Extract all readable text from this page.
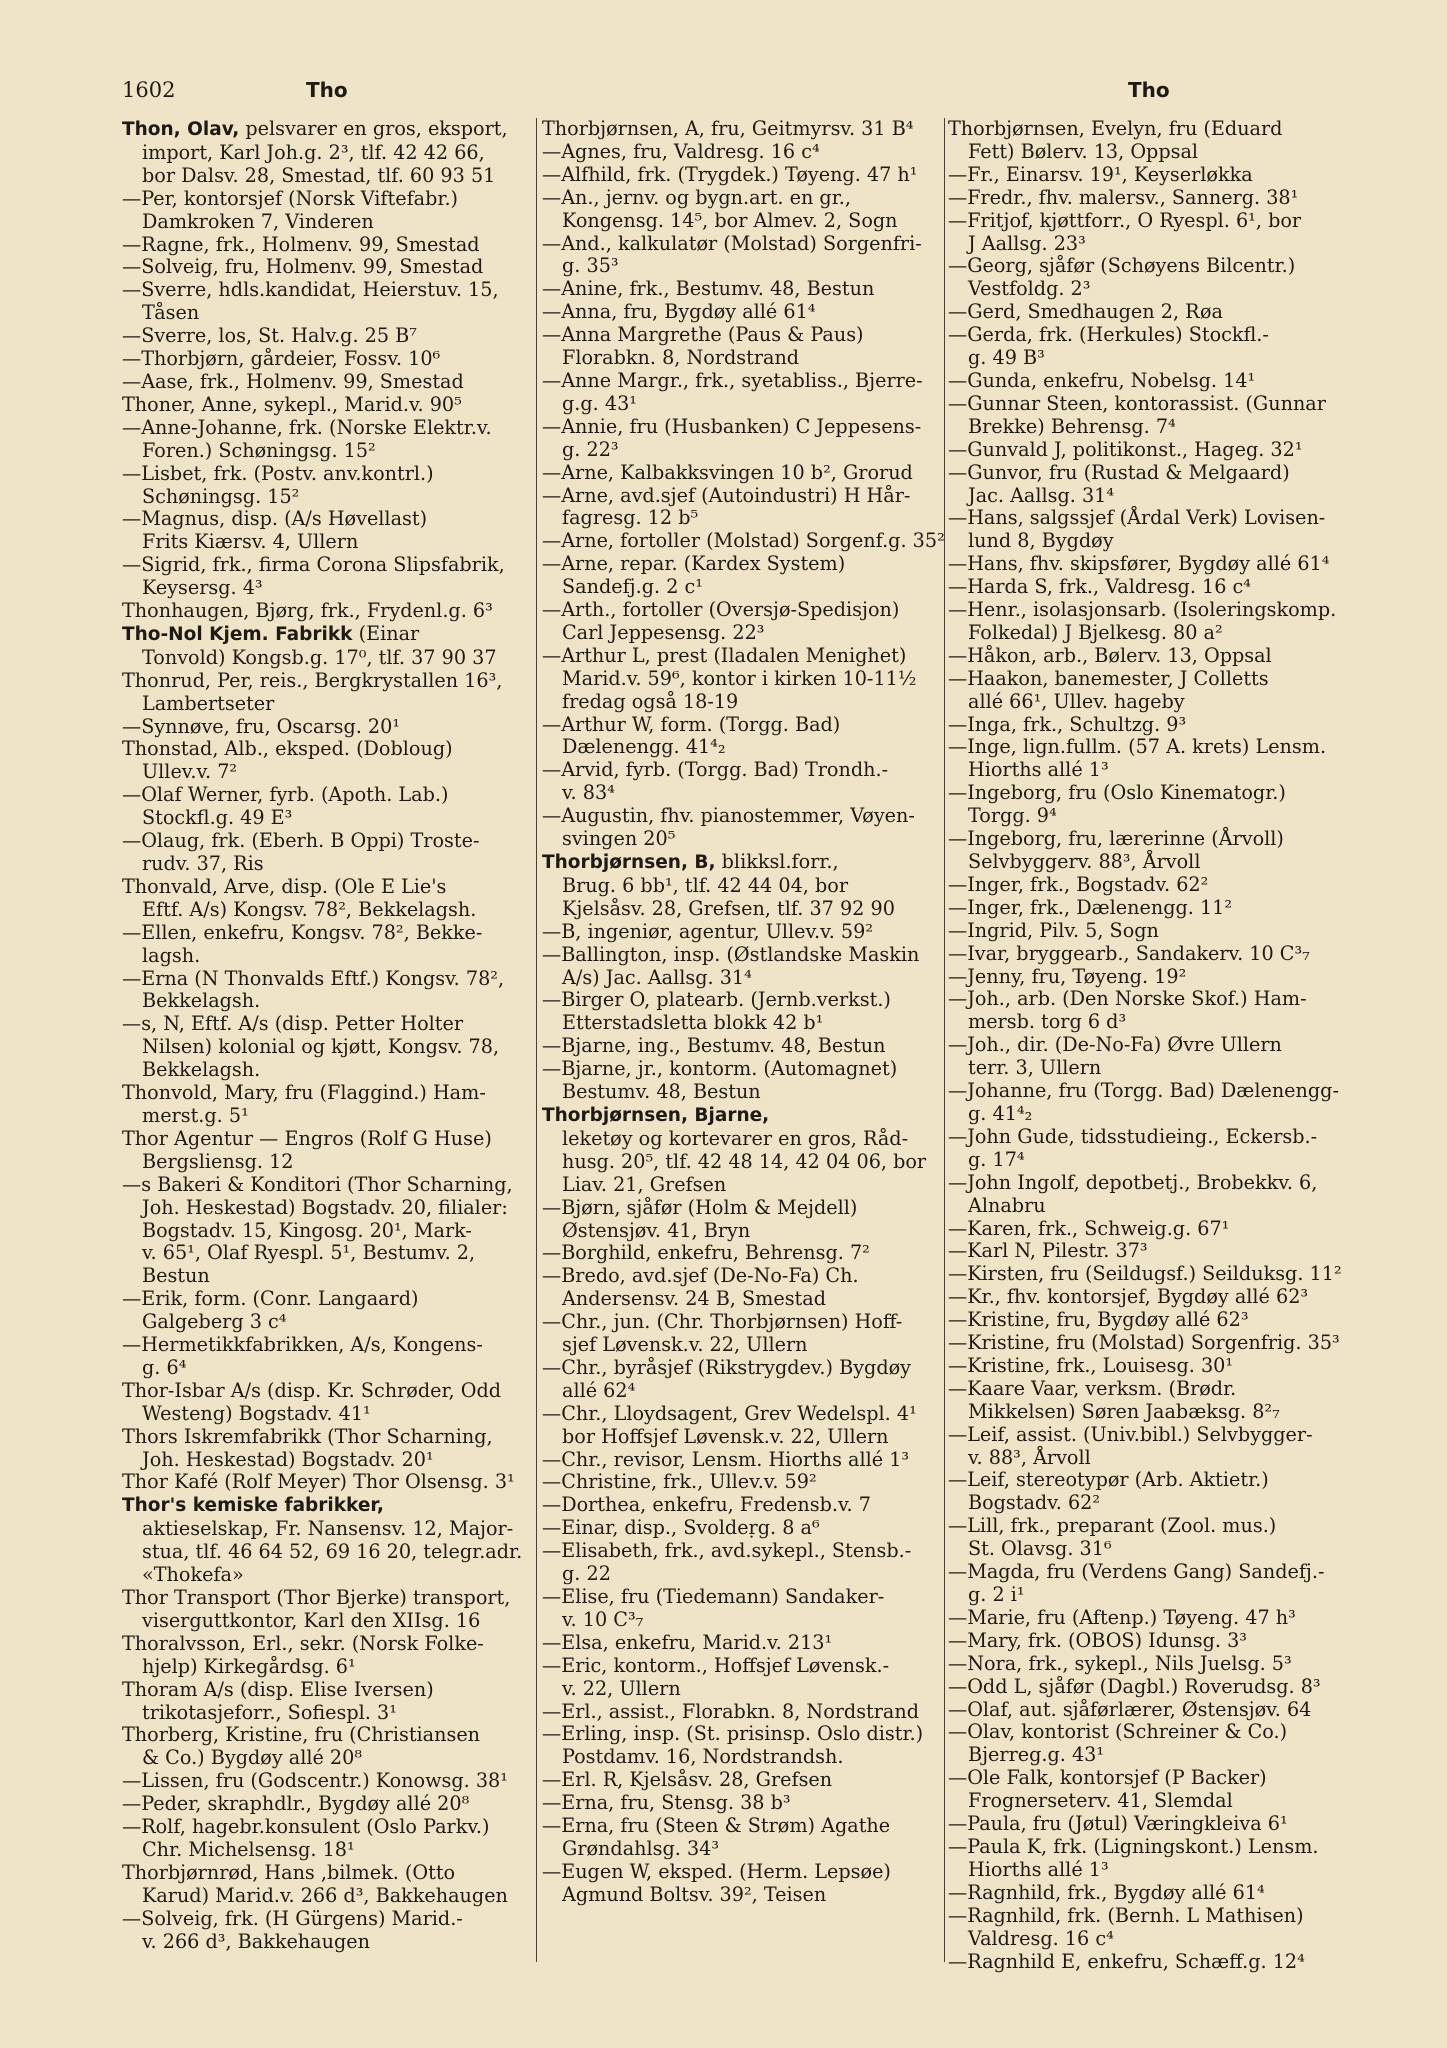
1602	Tho	Tho
Thon, Olav, pelsvarer en gros, eksport,
import, Karl Joh.g. 2³, tlf. 42 42 66,
bor Dalsv. 28, Smestad, tlf. 60 93 51
—Per, kontorsjef (Norsk Viftefabr.)
Damkroken 7, Vinderen
—Ragne, frk., Holmenv. 99, Smestad
—Solveig, fru, Holmenv. 99, Smestad
—Sverre, hdls.kandidat, Heierstuv. 15,
Tåsen
—Sverre, los, St. Halv.g. 25 B⁷
—Thorbjørn, gårdeier, Fossv. 10⁶
—Aase, frk., Holmenv. 99, Smestad
Thoner, Anne, sykepl., Marid.v. 90⁵
—Anne-Johanne, frk. (Norske Elektr.v.
Foren.) Schøningsg. 15²
—Lisbet, frk. (Postv. anv.kontrl.)
Schøningsg. 15²
—Magnus, disp. (A/s Høvellast)
Frits Kiærsv. 4, Ullern
—Sigrid, frk., firma Corona Slipsfabrik,
Keysersg. 4³
Thonhaugen, Bjørg, frk., Frydenl.g. 6³
Tho-Nol Kjem. Fabrikk (Einar
Tonvold) Kongsb.g. 17⁰, tlf. 37 90 37
Thonrud, Per, reis., Bergkrystallen 16³,
Lambertseter
—Synnøve, fru, Oscarsg. 20¹
Thonstad, Alb., eksped. (Dobloug)
Ullev.v. 7²
—Olaf Werner, fyrb. (Apoth. Lab.)
Stockfl.g. 49 E³
—Olaug, frk. (Eberh. B Oppi) Troste-
rudv. 37, Ris
Thonvald, Arve, disp. (Ole E Lie's
Eftf. A/s) Kongsv. 78², Bekkelagsh.
—Ellen, enkefru, Kongsv. 78², Bekke-
lagsh.
—Erna (N Thonvalds Eftf.) Kongsv. 78²,
Bekkelagsh.
—s, N, Eftf. A/s (disp. Petter Holter
Nilsen) kolonial og kjøtt, Kongsv. 78,
Bekkelagsh.
Thonvold, Mary, fru (Flaggind.) Ham-
merst.g. 5¹
Thor Agentur — Engros (Rolf G Huse)
Bergsliensg. 12
—s Bakeri & Konditori (Thor Scharning,
Joh. Heskestad) Bogstadv. 20, filialer:
Bogstadv. 15, Kingosg. 20¹, Mark-
v. 65¹, Olaf Ryespl. 5¹, Bestumv. 2,
Bestun
—Erik, form. (Conr. Langaard)
Galgeberg 3 c⁴
—Hermetikkfabrikken, A/s, Kongens-
g. 6⁴
Thor-Isbar A/s (disp. Kr. Schrøder, Odd
Westeng) Bogstadv. 41¹
Thors Iskremfabrikk (Thor Scharning,
Joh. Heskestad) Bogstadv. 20¹
Thor Kafé (Rolf Meyer) Thor Olsensg. 3¹
Thor's kemiske fabrikker,
aktieselskap, Fr. Nansensv. 12, Major-
stua, tlf. 46 64 52, 69 16 20, telegr.adr.
«Thokefa»
Thor Transport (Thor Bjerke) transport,
viserguttkontor, Karl den XIIsg. 16
Thoralvsson, Erl., sekr. (Norsk Folke-
hjelp) Kirkegårdsg. 6¹
Thoram A/s (disp. Elise Iversen)
trikotasjeforr., Sofiespl. 3¹
Thorberg, Kristine, fru (Christiansen
& Co.) Bygdøy allé 20⁸
—Lissen, fru (Godscentr.) Konowsg. 38¹
—Peder, skraphdlr., Bygdøy allé 20⁸
—Rolf, hagebr.konsulent (Oslo Parkv.)
Chr. Michelsensg. 18¹
Thorbjørnrød, Hans ,bilmek. (Otto
Karud) Marid.v. 266 d³, Bakkehaugen
—Solveig, frk. (H Gürgens) Marid.-
v. 266 d³, Bakkehaugen
Thorbjørnsen, A, fru, Geitmyrsv. 31 B⁴
—Agnes, fru, Valdresg. 16 c⁴
—Alfhild, frk. (Trygdek.) Tøyeng. 47 h¹
—An., jernv. og bygn.art. en gr.,
Kongensg. 14⁵, bor Almev. 2, Sogn
—And., kalkulatør (Molstad) Sorgenfri-
g. 35³
—Anine, frk., Bestumv. 48, Bestun
—Anna, fru, Bygdøy allé 61⁴
—Anna Margrethe (Paus & Paus)
Florabkn. 8, Nordstrand
—Anne Margr., frk., syetabliss., Bjerre-
g.g. 43¹
—Annie, fru (Husbanken) C Jeppesens-
g. 22³
—Arne, Kalbakksvingen 10 b², Grorud
—Arne, avd.sjef (Autoindustri) H Hår-
fagresg. 12 b⁵
—Arne, fortoller (Molstad) Sorgenf.g. 35²
—Arne, repar. (Kardex System)
Sandefj.g. 2 c¹
—Arth., fortoller (Oversjø-Spedisjon)
Carl Jeppesensg. 22³
—Arthur L, prest (Iladalen Menighet)
Marid.v. 59⁶, kontor i kirken 10-11½
fredag også 18-19
—Arthur W, form. (Torgg. Bad)
Dælenengg. 41⁴₂
—Arvid, fyrb. (Torgg. Bad) Trondh.-
v. 83⁴
—Augustin, fhv. pianostemmer, Vøyen-
svingen 20⁵
Thorbjørnsen, B, blikksl.forr.,
Brug. 6 bb¹, tlf. 42 44 04, bor
Kjelsåsv. 28, Grefsen, tlf. 37 92 90
—B, ingeniør, agentur, Ullev.v. 59²
—Ballington, insp. (Østlandske Maskin
A/s) Jac. Aallsg. 31⁴
—Birger O, platearb. (Jernb.verkst.)
Etterstadsletta blokk 42 b¹
—Bjarne, ing., Bestumv. 48, Bestun
—Bjarne, jr., kontorm. (Automagnet)
Bestumv. 48, Bestun
Thorbjørnsen, Bjarne,
leketøy og kortevarer en gros, Råd-
husg. 20⁵, tlf. 42 48 14, 42 04 06, bor
Liav. 21, Grefsen
—Bjørn, sjåfør (Holm & Mejdell)
Østensjøv. 41, Bryn
—Borghild, enkefru, Behrensg. 7²
—Bredo, avd.sjef (De-No-Fa) Ch.
Andersensv. 24 B, Smestad
—Chr., jun. (Chr. Thorbjørnsen) Hoff-
sjef Løvensk.v. 22, Ullern
—Chr., byråsjef (Rikstrygdev.) Bygdøy
allé 62⁴
—Chr., Lloydsagent, Grev Wedelspl. 4¹
bor Hoffsjef Løvensk.v. 22, Ullern
—Chr., revisor, Lensm. Hiorths allé 1³
—Christine, frk., Ullev.v. 59²
—Dorthea, enkefru, Fredensb.v. 7
—Einar, disp., Svoldeṛg. 8 a⁶
—Elisabeth, frk., avd.sykepl., Stensb.-
g. 22
—Elise, fru (Tiedemann) Sandaker-
v. 10 C³₇
—Elsa, enkefru, Marid.v. 213¹
—Eric, kontorm., Hoffsjef Løvensk.-
v. 22, Ullern
—Erl., assist., Florabkn. 8, Nordstrand
—Erling, insp. (St. prisinsp. Oslo distr.)
Postdamv. 16, Nordstrandsh.
—Erl. R, Kjelsåsv. 28, Grefsen
—Erna, fru, Stensg. 38 b³
—Erna, fru (Steen & Strøm) Agathe
Grøndahlsg. 34³
—Eugen W, eksped. (Herm. Lepsøe)
Agmund Boltsv. 39², Teisen
Thorbjørnsen, Evelyn, fru (Eduard
Fett) Bølerv. 13, Oppsal
—Fr., Einarsv. 19¹, Keyserløkka
—Fredr., fhv. malersv., Sannerg. 38¹
—Fritjof, kjøttforr., O Ryespl. 6¹, bor
J Aallsg. 23³
—Georg, sjåfør (Schøyens Bilcentr.)
Vestfoldg. 2³
—Gerd, Smedhaugen 2, Røa
—Gerda, frk. (Herkules) Stockfl.-
g. 49 B³
—Gunda, enkefru, Nobelsg. 14¹
—Gunnar Steen, kontorassist. (Gunnar
Brekke) Behrensg. 7⁴
—Gunvald J, politikonst., Hageg. 32¹
—Gunvor, fru (Rustad & Melgaard)
Jac. Aallsg. 31⁴
—Hans, salgssjef (Årdal Verk) Lovisen-
lund 8, Bygdøy
—Hans, fhv. skipsfører, Bygdøy allé 61⁴
—Harda S, frk., Valdresg. 16 c⁴
—Henr., isolasjonsarb. (Isoleringskomp.
Folkedal) J Bjelkesg. 80 a²
—Håkon, arb., Bølerv. 13, Oppsal
—Haakon, banemester, J Colletts
allé 66¹, Ullev. hageby
—Inga, frk., Schultzg. 9³
—Inge, lign.fullm. (57 A. krets) Lensm.
Hiorths allé 1³
—Ingeborg, fru (Oslo Kinematogr.)
Torgg. 9⁴
—Ingeborg, fru, lærerinne (Årvoll)
Selvbyggerv. 88³, Årvoll
—Inger, frk., Bogstadv. 62²
—Inger, frk., Dælenengg. 11²
—Ingrid, Pilv. 5, Sogn
—Ivar, bryggearb., Sandakerv. 10 C³₇
—Jenny, fru, Tøyeng. 19²
—Joh., arb. (Den Norske Skof.) Ham-
mersb. torg 6 d³
—Joh., dir. (De-No-Fa) Øvre Ullern
terr. 3, Ullern
—Johanne, fru (Torgg. Bad) Dælenengg-
g. 41⁴₂
—John Gude, tidsstudieing., Eckersb.-
g. 17⁴
—John Ingolf, depotbetj., Brobekkv. 6,
Alnabru
—Karen, frk., Schweig.g. 67¹
—Karl N, Pilestr. 37³
—Kirsten, fru (Seildugsf.) Seilduksg. 11²
—Kr., fhv. kontorsjef, Bygdøy allé 62³
—Kristine, fru, Bygdøy allé 62³
—Kristine, fru (Molstad) Sorgenfrig. 35³
—Kristine, frk., Louisesg. 30¹
—Kaare Vaar, verksm. (Brødr.
Mikkelsen) Søren Jaabæksg. 8²₇
—Leif, assist. (Univ.bibl.) Selvbygger-
v. 88³, Årvoll
—Leif, stereotypør (Arb. Aktietr.)
Bogstadv. 62²
—Lill, frk., preparant (Zool. mus.)
St. Olavsg. 31⁶
—Magda, fru (Verdens Gang) Sandefj.-
g. 2 i¹
—Marie, fru (Aftenp.) Tøyeng. 47 h³
—Mary, frk. (OBOS) Idunsg. 3³
—Nora, frk., sykepl., Nils Juelsg. 5³
—Odd L, sjåfør (Dagbl.) Roverudsg. 8³
—Olaf, aut. sjåførlærer, Østensjøv. 64
—Olav, kontorist (Schreiner & Co.)
Bjerreg.g. 43¹
—Ole Falk, kontorsjef (P Backer)
Frognerseterv. 41, Slemdal
—Paula, fru (Jøtul) Væringkleiva 6¹
—Paula K, frk. (Ligningskont.) Lensm.
Hiorths allé 1³
—Ragnhild, frk., Bygdøy allé 61⁴
—Ragnhild, frk. (Bernh. L Mathisen)
Valdresg. 16 c⁴
—Ragnhild E, enkefru, Schæff.g. 12⁴
